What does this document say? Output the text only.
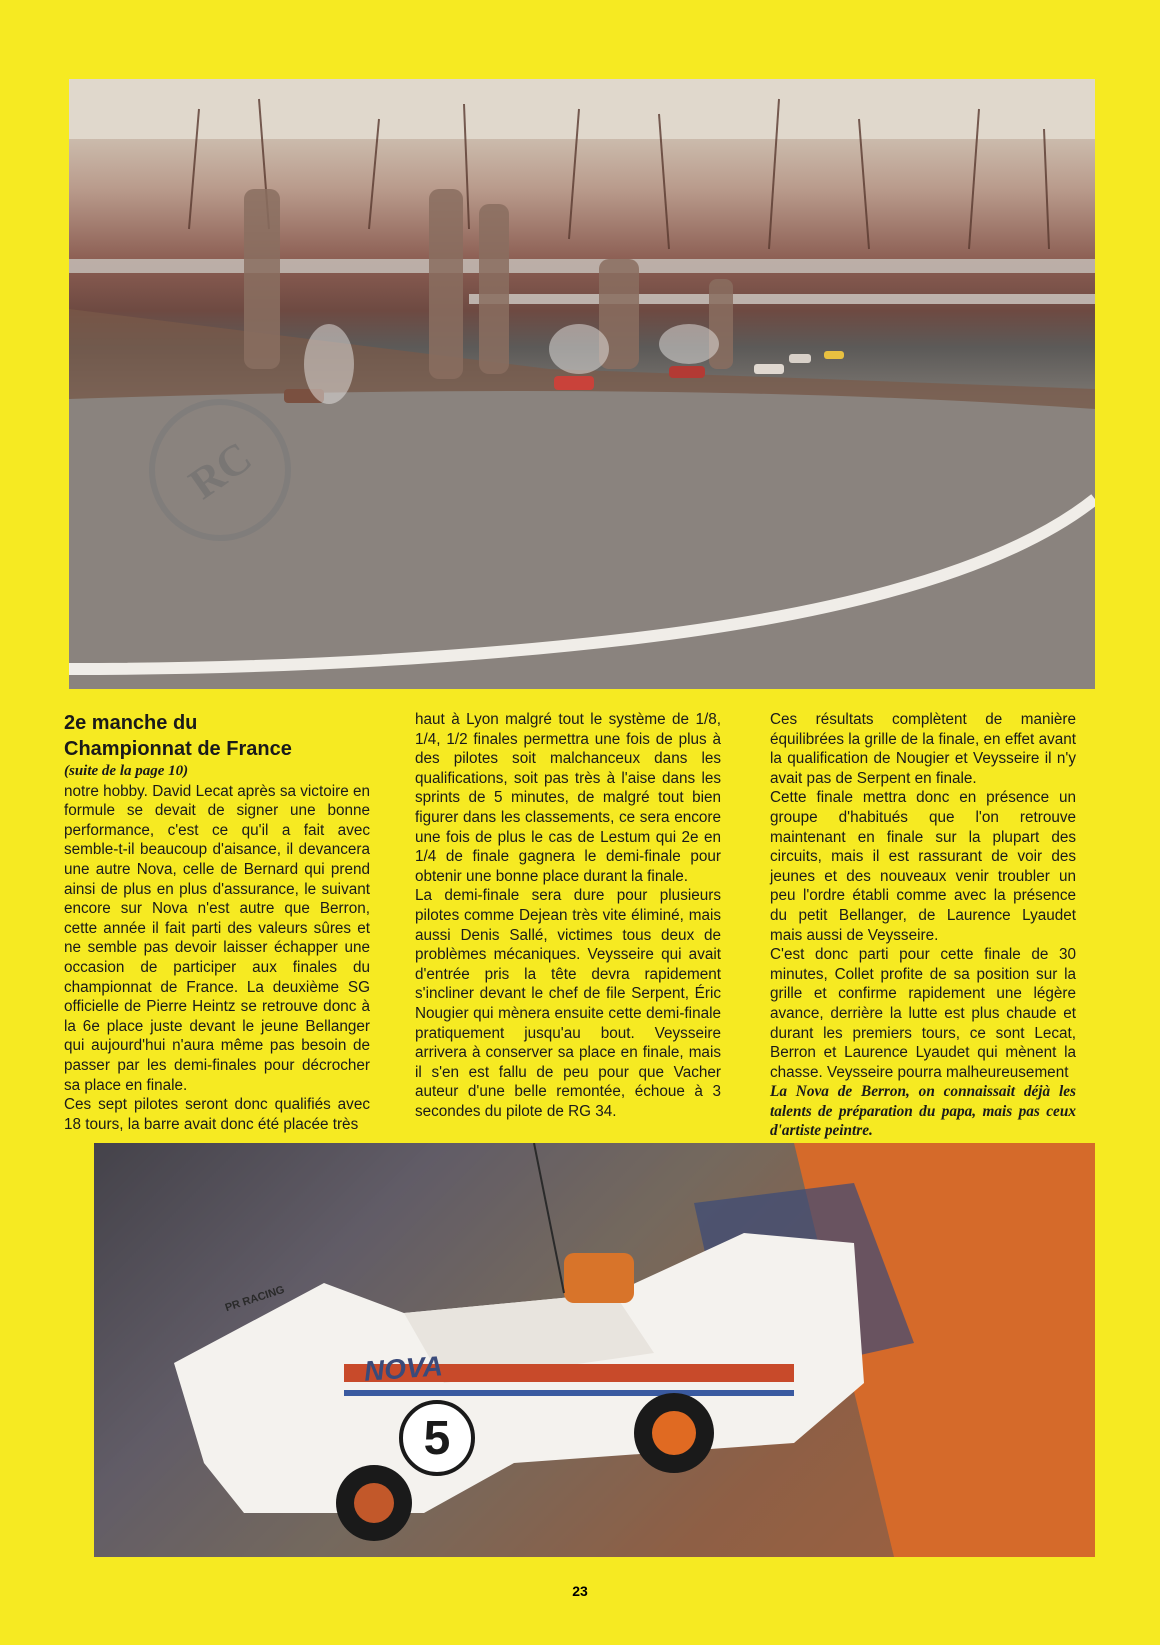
RC
2e manche du
Championnat de France

(suite de la page 10)

notre hobby. David Lecat après sa victoire en formule se devait de signer une bonne performance, c'est ce qu'il a fait avec semble-t-il beaucoup d'aisance, il devancera une autre Nova, celle de Bernard qui prend ainsi de plus en plus d'assurance, le suivant encore sur Nova n'est autre que Berron, cette année il fait parti des valeurs sûres et ne semble pas devoir laisser échapper une occasion de participer aux finales du championnat de France. La deuxième SG officielle de Pierre Heintz se retrouve donc à la 6e place juste devant le jeune Bellanger qui aujourd'hui n'aura même pas besoin de passer par les demi-finales pour décrocher sa place en finale.

Ces sept pilotes seront donc qualifiés avec 18 tours, la barre avait donc été placée très

haut à Lyon malgré tout le système de 1/8, 1/4, 1/2 finales permettra une fois de plus à des pilotes soit malchanceux dans les qualifications, soit pas très à l'aise dans les sprints de 5 minutes, de malgré tout bien figurer dans les classements, ce sera encore une fois de plus le cas de Lestum qui 2e en 1/4 de finale gagnera le demi-finale pour obtenir une bonne place durant la finale.

La demi-finale sera dure pour plusieurs pilotes comme Dejean très vite éliminé, mais aussi Denis Sallé, victimes tous deux de problèmes mécaniques. Veysseire qui avait d'entrée pris la tête devra rapidement s'incliner devant le chef de file Serpent, Éric Nougier qui mènera ensuite cette demi-finale pratiquement jusqu'au bout. Veysseire arrivera à conserver sa place en finale, mais il s'en est fallu de peu pour que Vacher auteur d'une belle remontée, échoue à 3 secondes du pilote de RG 34.

Ces résultats complètent de manière équilibrées la grille de la finale, en effet avant la qualification de Nougier et Veysseire il n'y avait pas de Serpent en finale.

Cette finale mettra donc en présence un groupe d'habitués que l'on retrouve maintenant en finale sur la plupart des circuits, mais il est rassurant de voir des jeunes et des nouveaux venir troubler un peu l'ordre établi comme avec la présence du petit Bellanger, de Laurence Lyaudet mais aussi de Veysseire.

C'est donc parti pour cette finale de 30 minutes, Collet profite de sa position sur la grille et confirme rapidement une légère avance, derrière la lutte est plus chaude et durant les premiers tours, ce sont Lecat, Berron et Laurence Lyaudet qui mènent la chasse. Veysseire pourra malheureusement

La Nova de Berron, on connaissait déjà les talents de préparation du papa, mais pas ceux d'artiste peintre.

5
NOVA
PR RACING
23
